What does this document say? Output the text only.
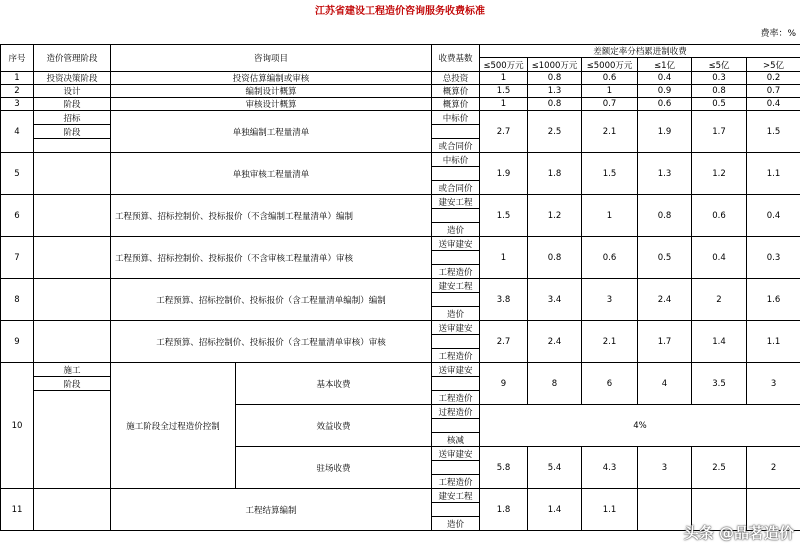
江苏省建设工程造价咨询服务收费标准
费率：%
序号	造价管理阶段	咨询项目		收费基数	差额定率分档累进制收费						
					≤500万元	≤1000万元	≤5000万元	≤1亿	≤5亿	>5亿	
1	投资决策阶段	投资估算编制或审核		总投资	1	0.8	0.6	0.4	0.3	0.2	
2	设计	编制设计概算		概算价	1.5	1.3	1	0.9	0.8	0.7	
3	阶段	审核设计概算		概算价	1	0.8	0.7	0.6	0.5	0.4	
4	招标	单独编制工程量清单		中标价	2.7	2.5	2.1	1.9	1.7	1.5	
	阶段										
				或合同价							
5		单独审核工程量清单		中标价	1.9	1.8	1.5	1.3	1.2	1.1	

				或合同价							
6		工程预算、招标控制价、投标报价（不含编制工程量清单）编制		建安工程	1.5	1.2	1	0.8	0.6	0.4	

				造价							
7		工程预算、招标控制价、投标报价（不含审核工程量清单）审核		送审建安	1	0.8	0.6	0.5	0.4	0.3	

				工程造价							
8		工程预算、招标控制价、投标报价（含工程量清单编制）编制		建安工程	3.8	3.4	3	2.4	2	1.6	

				造价							
9		工程预算、招标控制价、投标报价（含工程量清单审核）审核		送审建安	2.7	2.4	2.1	1.7	1.4	1.1	

				工程造价							
10	施工	施工阶段全过程造价控制	基本收费	送审建安	9	8	6	4	3.5	3	
	阶段										
				工程造价							
			效益收费	过程造价	4%						

				核减							
			驻场收费	送审建安	5.8	5.4	4.3	3	2.5	2	

				工程造价							
11		工程结算编制		建安工程	1.8	1.4	1.1				

				造价								头条 @品茗造价
